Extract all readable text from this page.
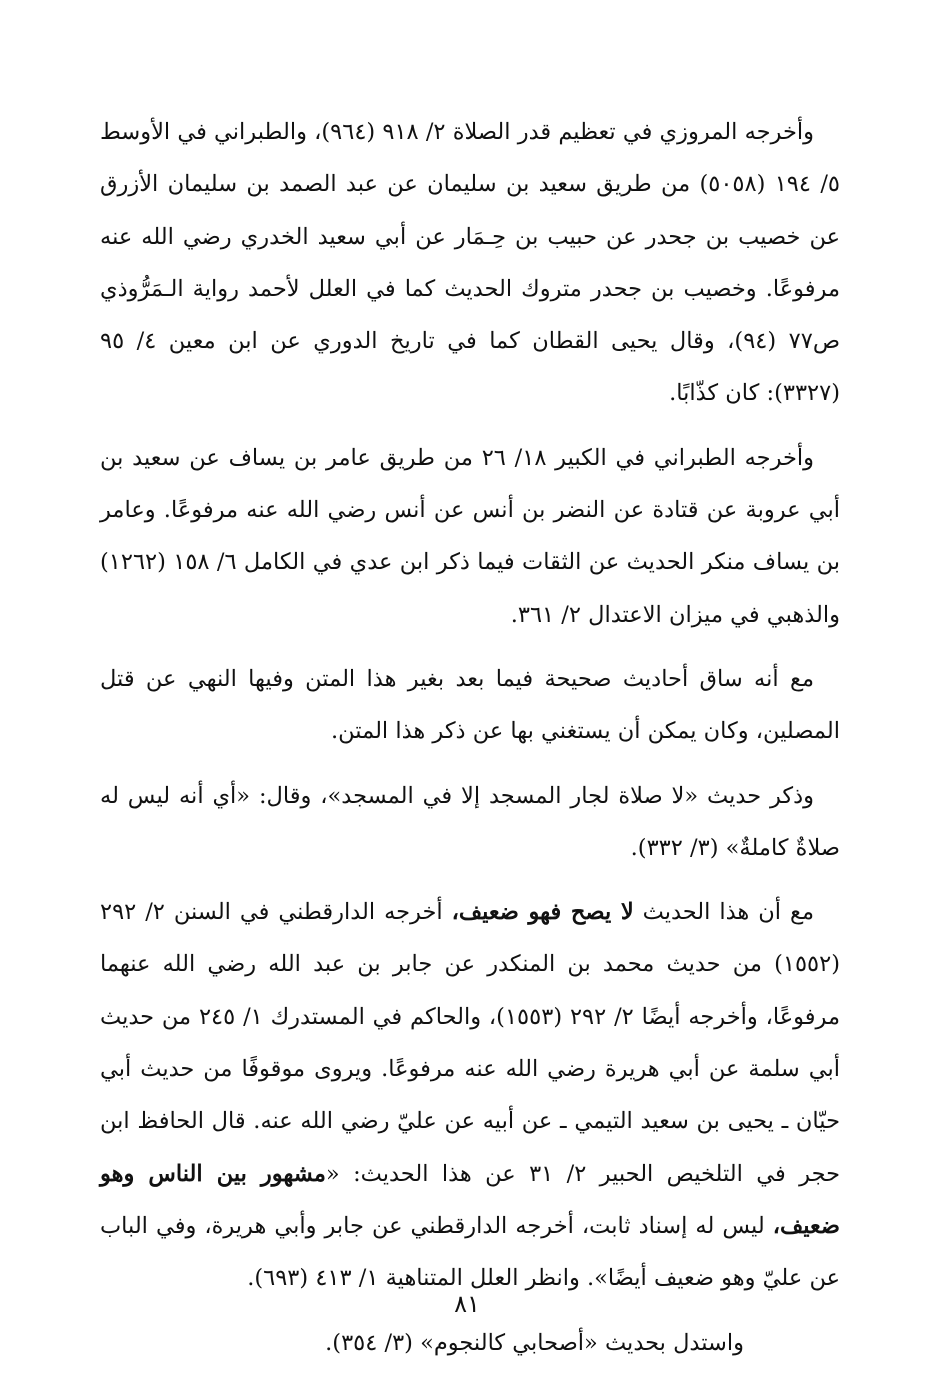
وأخرجه المروزي في تعظيم قدر الصلاة ٢/ ٩١٨ (٩٦٤)، والطبراني في الأوسط ٥/ ١٩٤ (٥٠٥٨) من طريق سعيد بن سليمان عن عبد الصمد بن سليمان الأزرق عن خصيب بن جحدر عن حبيب بن حِـمَار عن أبي سعيد الخدري رضي الله عنه مرفوعًا. وخصيب بن جحدر متروك الحديث كما في العلل لأحمد رواية الـمَرُّوذي ص٧٧ (٩٤)، وقال يحيى القطان كما في تاريخ الدوري عن ابن معين ٤/ ٩٥ (٣٣٢٧): كان كذّابًا.

وأخرجه الطبراني في الكبير ١٨/ ٢٦ من طريق عامر بن يساف عن سعيد بن أبي عروبة عن قتادة عن النضر بن أنس عن أنس رضي الله عنه مرفوعًا. وعامر بن يساف منكر الحديث عن الثقات فيما ذكر ابن عدي في الكامل ٦/ ١٥٨ (١٢٦٢) والذهبي في ميزان الاعتدال ٢/ ٣٦١.

مع أنه ساق أحاديث صحيحة فيما بعد بغير هذا المتن وفيها النهي عن قتل المصلين، وكان يمكن أن يستغني بها عن ذكر هذا المتن.

وذكر حديث «لا صلاة لجار المسجد إلا في المسجد»، وقال: «أي أنه ليس له صلاةٌ كاملةٌ» (٣/ ٣٣٢).

مع أن هذا الحديث لا يصح فهو ضعيف، أخرجه الدارقطني في السنن ٢/ ٢٩٢ (١٥٥٢) من حديث محمد بن المنكدر عن جابر بن عبد الله رضي الله عنهما مرفوعًا، وأخرجه أيضًا ٢/ ٢٩٢ (١٥٥٣)، والحاكم في المستدرك ١/ ٢٤٥ من حديث أبي سلمة عن أبي هريرة رضي الله عنه مرفوعًا. ويروى موقوفًا من حديث أبي حيّان ـ يحيى بن سعيد التيمي ـ عن أبيه عن عليّ رضي الله عنه. قال الحافظ ابن حجر في التلخيص الحبير ٢/ ٣١ عن هذا الحديث: «مشهور بين الناس وهو ضعيف، ليس له إسناد ثابت، أخرجه الدارقطني عن جابر وأبي هريرة، وفي الباب عن عليّ وهو ضعيف أيضًا». وانظر العلل المتناهية ١/ ٤١٣ (٦٩٣).

واستدل بحديث «أصحابي كالنجوم» (٣/ ٣٥٤).

٨١
